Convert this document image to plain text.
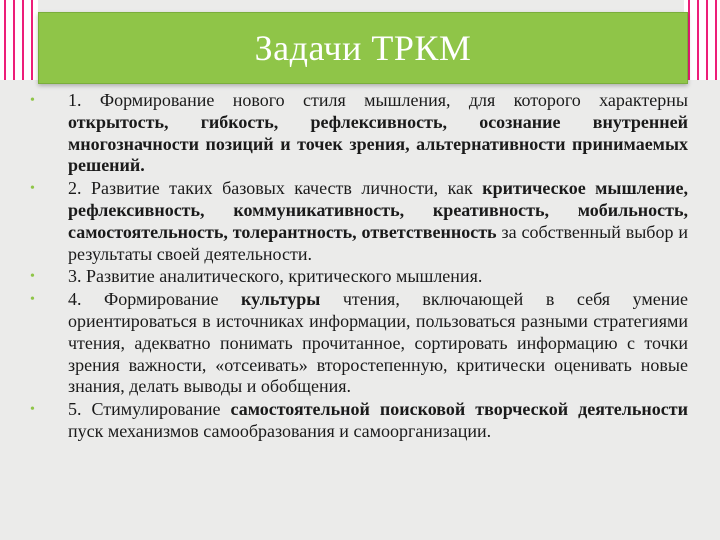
Задачи ТРКМ
• 1. Формирование нового стиля мышления, для которого характерны открытость, гибкость, рефлексивность, осознание внутренней многозначности позиций и точек зрения, альтернативности принимаемых решений.
• 2. Развитие таких базовых качеств личности, как критическое мышление, рефлексивность, коммуникативность, креативность, мобильность, самостоятельность, толерантность, ответственность за собственный выбор и результаты своей деятельности.
• 3. Развитие аналитического, критического мышления.
• 4. Формирование культуры чтения, включающей в себя умение ориентироваться в источниках информации, пользоваться разными стратегиями чтения, адекватно понимать прочитанное, сортировать информацию с точки зрения важности, «отсеивать» второстепенную, критически оценивать новые знания, делать выводы и обобщения.
• 5. Стимулирование самостоятельной поисковой творческой деятельности пуск механизмов самообразования и самоорганизации.
